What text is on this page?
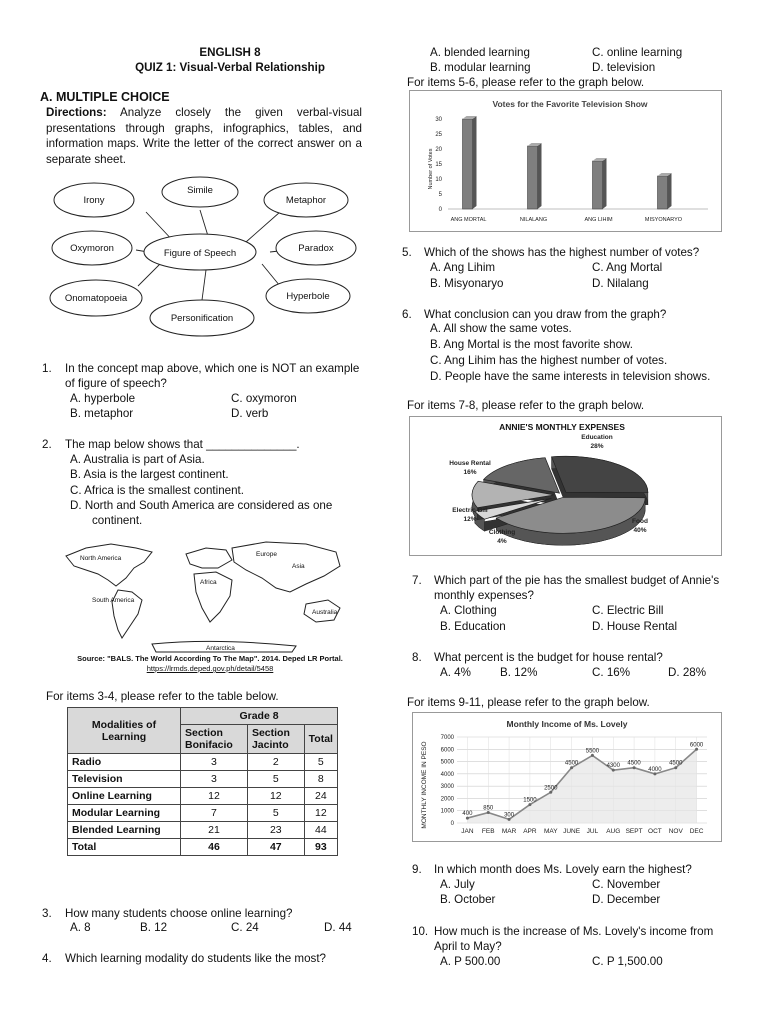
ENGLISH 8
QUIZ 1: Visual-Verbal Relationship
A. MULTIPLE CHOICE
Directions: Analyze closely the given verbal-visual presentations through graphs, infographics, tables, and information maps. Write the letter of the correct answer on a separate sheet.
Figure of Speech
Simile
Irony	Metaphor
Oxymoron	Paradox
Onomatopoeia	Hyperbole
Personification
1. In the concept map above, which one is NOT an example of figure of speech?
A. hyperbole	C. oxymoron
B. metaphor	D. verb
2. The map below shows that ______________.
A. Australia is part of Asia.
B. Asia is the largest continent.
C. Africa is the smallest continent.
D. North and South America are considered as one continent.
North America
Europe
Africa
South America
Asia
Australia
Antarctica
Source: "BALS. The World According To The Map". 2014. Deped LR Portal.
https://lrmds.deped.gov.ph/detail/5458
For items 3-4, please refer to the table below.
Modalities of Learning	Grade 8		
	Section Bonifacio	Section Jacinto	Total
Radio	3	2	5
Television	3	5	8
Online Learning	12	12	24
Modular Learning	7	5	12
Blended Learning	21	23	44
Total	46	47	93
3. How many students choose online learning?
A. 8	B. 12	C. 24	D. 44
4. Which learning modality do students like the most?
A. blended learning	C. online learning
B. modular learning	D. television
For items 5-6, please refer to the graph below.
Votes for the Favorite Television Show
Number of Votes
0
5
10
15
20
25
30
ANG MORTAL	NILALANG	ANG LIHIM	MISYONARYO
5. Which of the shows has the highest number of votes?
A. Ang Lihim	C. Ang Mortal
B. Misyonaryo	D. Nilalang
6. What conclusion can you draw from the graph?
A. All show the same votes.
B. Ang Mortal is the most favorite show.
C. Ang Lihim has the highest number of votes.
D. People have the same interests in television shows.
For items 7-8, please refer to the graph below.
ANNIE'S MONTHLY EXPENSES
Education
28%
House Rental
16%
Electric Bill
12%
Clothing
4%
Food
40%
7. Which part of the pie has the smallest budget of Annie's monthly expenses?
A. Clothing	C. Electric Bill
B. Education	D. House Rental
8. What percent is the budget for house rental?
A. 4%	B. 12%	C. 16%	D. 28%
For items 9-11, please refer to the graph below.
Monthly Income of Ms. Lovely
MONTHLY INCOME IN PESO	0
1000
2000
3000
4000
5000
6000
7000
400
850
300
1500
2500
4500
5500
4300 4500
4000
4500
6000
JAN FEB MAR APR MAY JUNE JUL AUG SEPT OCT NOV DEC
9. In which month does Ms. Lovely earn the highest?
A. July	C. November
B. October	D. December
10. How much is the increase of Ms. Lovely's income from April to May?
A. P 500.00	C. P 1,500.00
